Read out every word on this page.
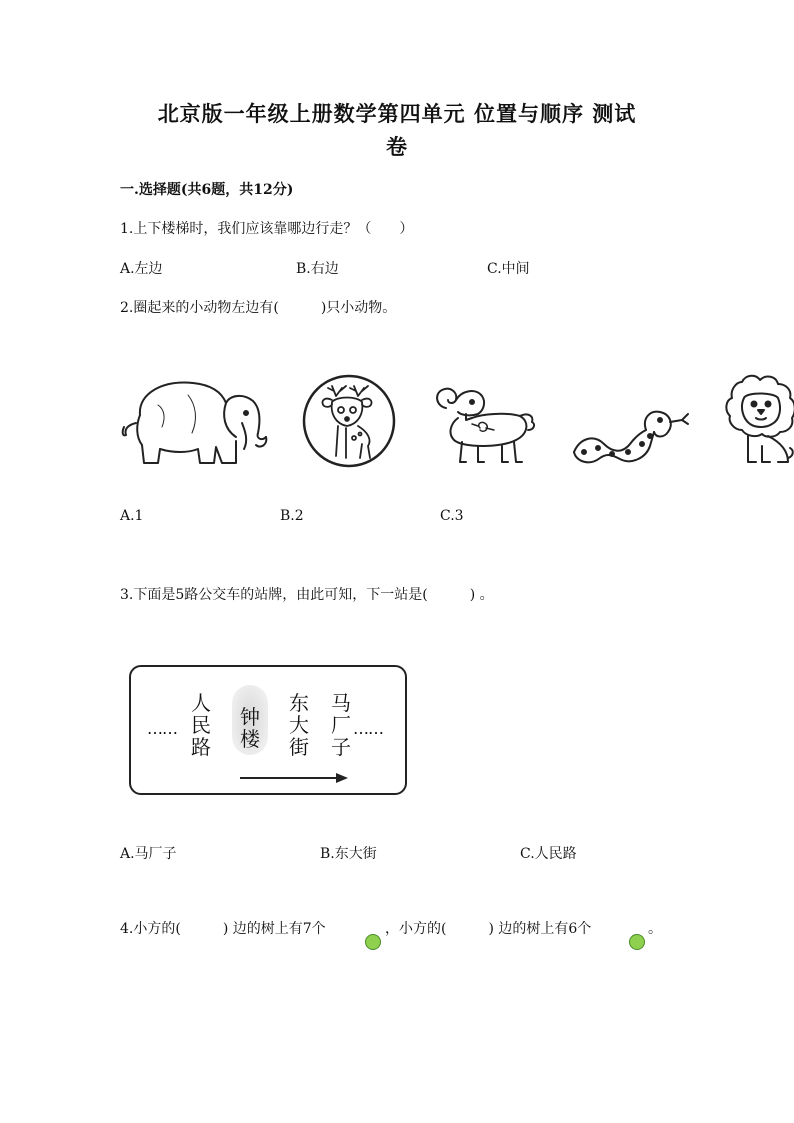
北京版一年级上册数学第四单元 位置与顺序 测试
卷
一.选择题(共6题，共12分)
1.上下楼梯时，我们应该靠哪边行走？（　　）
A.左边	B.右边	C.中间
2.圈起来的小动物左边有(　　　)只小动物。
A.1	B.2	C.3
3.下面是5路公交车的站牌，由此可知，下一站是(　　　) 。
……
人民路
钟楼
东大街
马厂子
……
A.马厂子	B.东大街	C.人民路
4.小方的(　　　) 边的树上有7个	，小方的(　　　) 边的树上有6个	。
